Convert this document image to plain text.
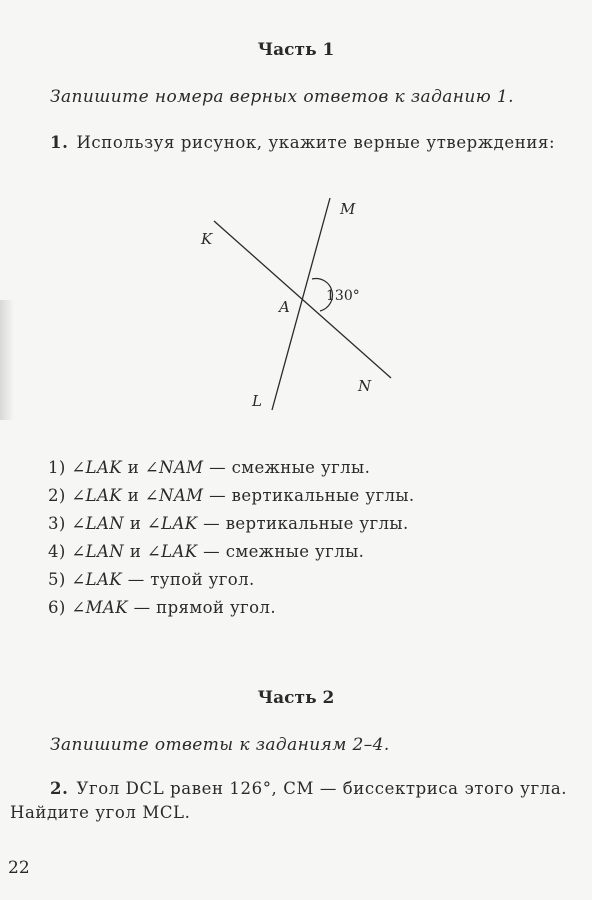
Часть 1
Запишите номера верных ответов к заданию 1.
1. Используя рисунок, укажите верные утверждения:
K
M
A
130°
N
L
1) ∠LAK и ∠NAM — смежные углы.
2) ∠LAK и ∠NAM — вертикальные углы.
3) ∠LAN и ∠LAK — вертикальные углы.
4) ∠LAN и ∠LAK — смежные углы.
5) ∠LAK — тупой угол.
6) ∠MAK — прямой угол.
Часть 2
Запишите ответы к заданиям 2–4.
2. Угол DCL равен 126°, CM — биссектриса этого угла. Найдите угол MCL.
22
